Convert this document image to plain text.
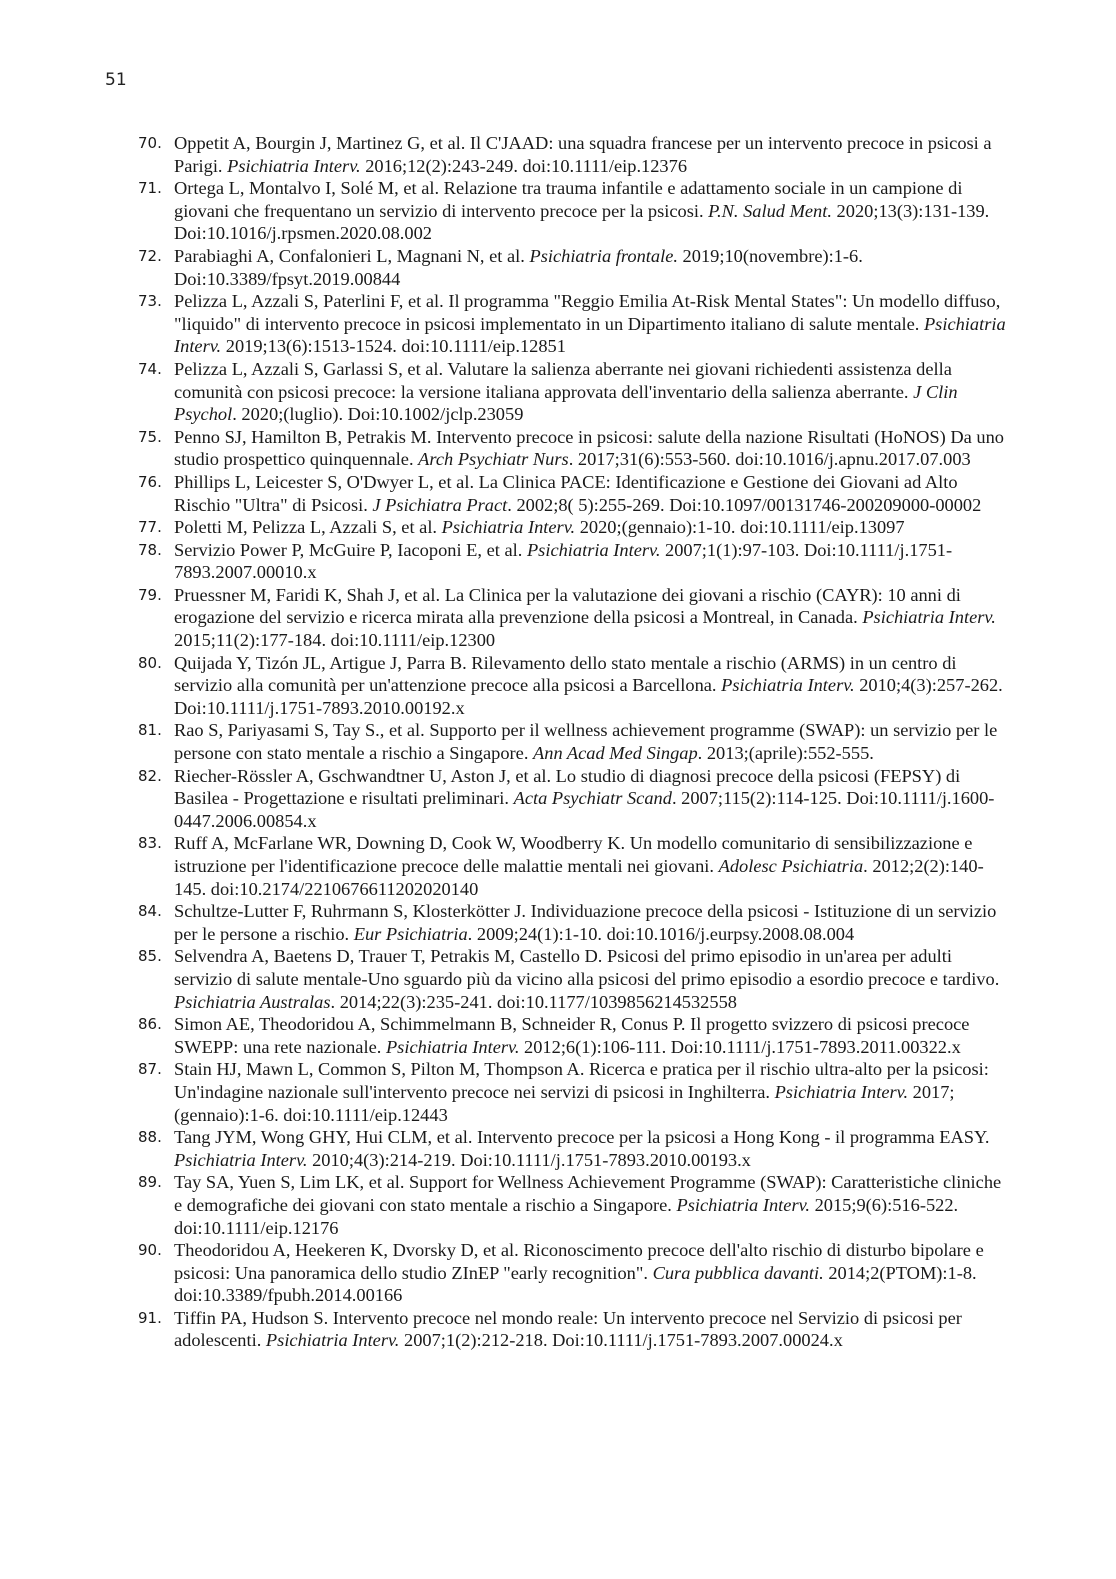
51
70. Oppetit A, Bourgin J, Martinez G, et al. Il C'JAAD: una squadra francese per un intervento precoce in psicosi a Parigi. Psichiatria Interv. 2016;12(2):243-249. doi:10.1111/eip.12376
71. Ortega L, Montalvo I, Solé M, et al. Relazione tra trauma infantile e adattamento sociale in un campione di giovani che frequentano un servizio di intervento precoce per la psicosi. P.N. Salud Ment. 2020;13(3):131-139. Doi:10.1016/j.rpsmen.2020.08.002
72. Parabiaghi A, Confalonieri L, Magnani N, et al. Psichiatria frontale. 2019;10(novembre):1-6. Doi:10.3389/fpsyt.2019.00844
73. Pelizza L, Azzali S, Paterlini F, et al. Il programma "Reggio Emilia At-Risk Mental States": Un modello diffuso, "liquido" di intervento precoce in psicosi implementato in un Dipartimento italiano di salute mentale. Psichiatria Interv. 2019;13(6):1513-1524. doi:10.1111/eip.12851
74. Pelizza L, Azzali S, Garlassi S, et al. Valutare la salienza aberrante nei giovani richiedenti assistenza della comunità con psicosi precoce: la versione italiana approvata dell'inventario della salienza aberrante. J Clin Psychol. 2020;(luglio). Doi:10.1002/jclp.23059
75. Penno SJ, Hamilton B, Petrakis M. Intervento precoce in psicosi: salute della nazione Risultati (HoNOS) Da uno studio prospettico quinquennale. Arch Psychiatr Nurs. 2017;31(6):553-560. doi:10.1016/j.apnu.2017.07.003
76. Phillips L, Leicester S, O'Dwyer L, et al. La Clinica PACE: Identificazione e Gestione dei Giovani ad Alto Rischio "Ultra" di Psicosi. J Psichiatra Pract. 2002;8( 5):255-269. Doi:10.1097/00131746-200209000-00002
77. Poletti M, Pelizza L, Azzali S, et al. Psichiatria Interv. 2020;(gennaio):1-10. doi:10.1111/eip.13097
78. Servizio Power P, McGuire P, Iacoponi E, et al. Psichiatria Interv. 2007;1(1):97-103. Doi:10.1111/j.1751-7893.2007.00010.x
79. Pruessner M, Faridi K, Shah J, et al. La Clinica per la valutazione dei giovani a rischio (CAYR): 10 anni di erogazione del servizio e ricerca mirata alla prevenzione della psicosi a Montreal, in Canada. Psichiatria Interv. 2015;11(2):177-184. doi:10.1111/eip.12300
80. Quijada Y, Tizón JL, Artigue J, Parra B. Rilevamento dello stato mentale a rischio (ARMS) in un centro di servizio alla comunità per un'attenzione precoce alla psicosi a Barcellona. Psichiatria Interv. 2010;4(3):257-262. Doi:10.1111/j.1751-7893.2010.00192.x
81. Rao S, Pariyasami S, Tay S., et al. Supporto per il wellness achievement programme (SWAP): un servizio per le persone con stato mentale a rischio a Singapore. Ann Acad Med Singap. 2013;(aprile):552-555.
82. Riecher-Rössler A, Gschwandtner U, Aston J, et al. Lo studio di diagnosi precoce della psicosi (FEPSY) di Basilea - Progettazione e risultati preliminari. Acta Psychiatr Scand. 2007;115(2):114-125. Doi:10.1111/j.1600-0447.2006.00854.x
83. Ruff A, McFarlane WR, Downing D, Cook W, Woodberry K. Un modello comunitario di sensibilizzazione e istruzione per l'identificazione precoce delle malattie mentali nei giovani. Adolesc Psichiatria. 2012;2(2):140-145. doi:10.2174/2210676611202020140
84. Schultze-Lutter F, Ruhrmann S, Klosterkötter J. Individuazione precoce della psicosi - Istituzione di un servizio per le persone a rischio. Eur Psichiatria. 2009;24(1):1-10. doi:10.1016/j.eurpsy.2008.08.004
85. Selvendra A, Baetens D, Trauer T, Petrakis M, Castello D. Psicosi del primo episodio in un'area per adulti servizio di salute mentale-Uno sguardo più da vicino alla psicosi del primo episodio a esordio precoce e tardivo. Psichiatria Australas. 2014;22(3):235-241. doi:10.1177/1039856214532558
86. Simon AE, Theodoridou A, Schimmelmann B, Schneider R, Conus P. Il progetto svizzero di psicosi precoce SWEPP: una rete nazionale. Psichiatria Interv. 2012;6(1):106-111. Doi:10.1111/j.1751-7893.2011.00322.x
87. Stain HJ, Mawn L, Common S, Pilton M, Thompson A. Ricerca e pratica per il rischio ultra-alto per la psicosi: Un'indagine nazionale sull'intervento precoce nei servizi di psicosi in Inghilterra. Psichiatria Interv. 2017;(gennaio):1-6. doi:10.1111/eip.12443
88. Tang JYM, Wong GHY, Hui CLM, et al. Intervento precoce per la psicosi a Hong Kong - il programma EASY. Psichiatria Interv. 2010;4(3):214-219. Doi:10.1111/j.1751-7893.2010.00193.x
89. Tay SA, Yuen S, Lim LK, et al. Support for Wellness Achievement Programme (SWAP): Caratteristiche cliniche e demografiche dei giovani con stato mentale a rischio a Singapore. Psichiatria Interv. 2015;9(6):516-522. doi:10.1111/eip.12176
90. Theodoridou A, Heekeren K, Dvorsky D, et al. Riconoscimento precoce dell'alto rischio di disturbo bipolare e psicosi: Una panoramica dello studio ZInEP "early recognition". Cura pubblica davanti. 2014;2(PTOM):1-8. doi:10.3389/fpubh.2014.00166
91. Tiffin PA, Hudson S. Intervento precoce nel mondo reale: Un intervento precoce nel Servizio di psicosi per adolescenti. Psichiatria Interv. 2007;1(2):212-218. Doi:10.1111/j.1751-7893.2007.00024.x
